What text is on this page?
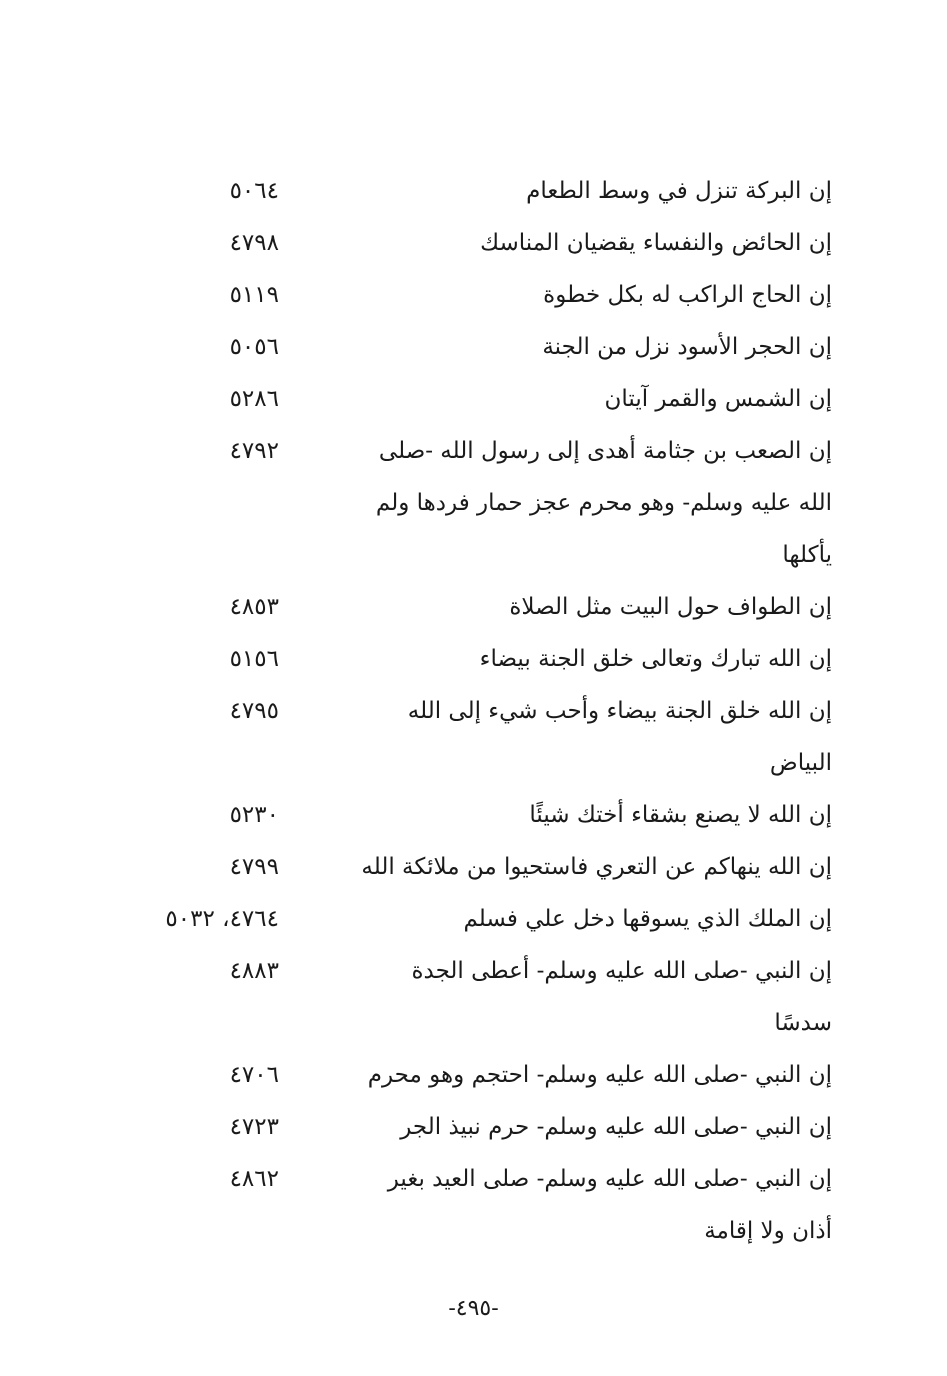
إن البركة تنزل في وسط الطعام
٥٠٦٤
إن الحائض والنفساء يقضيان المناسك
٤٧٩٨
إن الحاج الراكب له بكل خطوة
٥١١٩
إن الحجر الأسود نزل من الجنة
٥٠٥٦
إن الشمس والقمر آيتان
٥٢٨٦
إن الصعب بن جثامة أهدى إلى رسول الله -صلى
٤٧٩٢
الله عليه وسلم- وهو محرم عجز حمار فردها ولم
يأكلها
إن الطواف حول البيت مثل الصلاة
٤٨٥٣
إن الله تبارك وتعالى خلق الجنة بيضاء
٥١٥٦
إن الله خلق الجنة بيضاء وأحب شيء إلى الله
٤٧٩٥
البياض
إن الله لا يصنع بشقاء أختك شيئًا
٥٢٣٠
إن الله ينهاكم عن التعري فاستحيوا من ملائكة الله
٤٧٩٩
إن الملك الذي يسوقها دخل علي فسلم
٤٧٦٤، ٥٠٣٢
إن النبي -صلى الله عليه وسلم- أعطى الجدة
٤٨٨٣
سدسًا
إن النبي -صلى الله عليه وسلم- احتجم وهو محرم
٤٧٠٦
إن النبي -صلى الله عليه وسلم- حرم نبيذ الجر
٤٧٢٣
إن النبي -صلى الله عليه وسلم- صلى العيد بغير
٤٨٦٢
أذان ولا إقامة
-٤٩٥-
